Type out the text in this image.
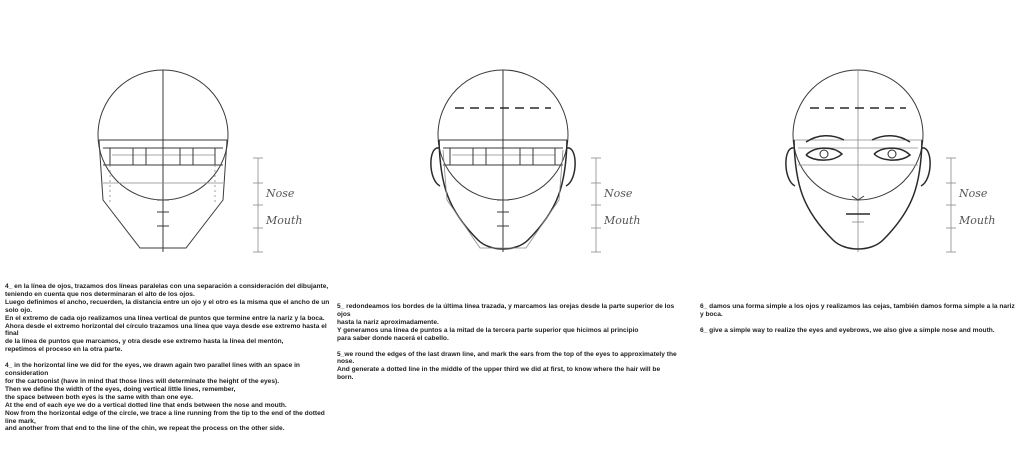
Nose
Mouth

4_ en la línea de ojos, trazamos dos líneas paralelas con una separación a consideración del dibujante,

teniendo en cuenta que nos determinaran el alto de los ojos.

Luego definimos el ancho, recuerden, la distancia entre un ojo y el otro es la misma que el ancho de un solo ojo.

En el extremo de cada ojo realizamos una línea vertical de puntos que termine entre la nariz y la boca.

Ahora desde el extremo horizontal del círculo trazamos una línea que vaya desde ese extremo hasta el final

de la línea de puntos que marcamos, y otra desde ese extremo hasta la línea del mentón,

repetimos el proceso en la otra parte.

4_ in the horizontal line we did for the eyes, we drawn again two parallel lines with an space in consideration

for the cartoonist (have in mind that those lines will determinate the height of the eyes).

Then we define the width of the eyes, doing vertical little lines, remember,

the space between both eyes is the same with than one eye.

At the end of each eye we do a vertical dotted line that ends between the nose and mouth.

Now from the horizontal edge of the circle, we trace a line running from the tip to the end of the dotted line mark,

and another from that end to the line of the chin, we repeat the process on the other side.

Nose
Mouth

5_ redondeamos los bordes de la última línea trazada, y marcamos las orejas desde la parte superior de los ojos

hasta la nariz aproximadamente.

Y generamos una línea de puntos a la mitad de la tercera parte superior que hicimos al principio

para saber donde nacerá el cabello.

5_we round the edges of the last drawn line, and mark the ears from the top of the eyes to approximately the nose.

And generate a dotted line in the middle of the upper third we did at first, to know where the hair will be born.

Nose
Mouth

6_ damos una forma simple a los ojos y realizamos las cejas, también damos forma simple a la nariz y boca.

6_ give a simple way to realize the eyes and eyebrows, we also give a simple nose and mouth.
